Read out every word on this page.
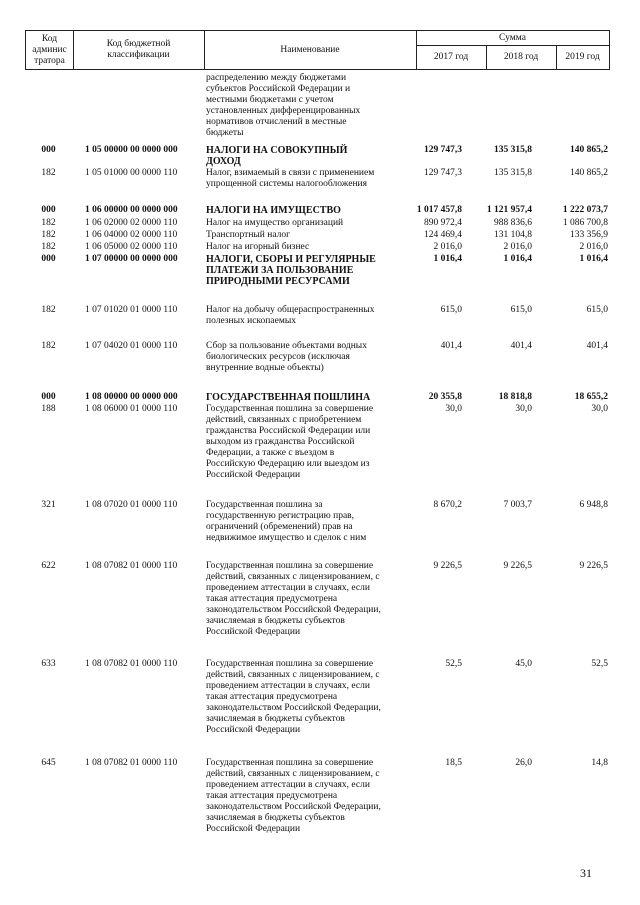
Код
админис
тратора
Код бюджетной
классификации
Наименование
Сумма
2017 год	2018 год	2019 год
распределению между бюджетами субъектов Российской Федерации и местными бюджетами с учетом установленных дифференцированных нормативов отчислений в местные бюджеты
000	1 05 00000 00 0000 000	НАЛОГИ НА СОВОКУПНЫЙ ДОХОД
129 747,3	135 315,8	140 865,2
182	1 05 01000 00 0000 110	Налог, взимаемый в связи с применением упрощенной системы налогообложения
129 747,3	135 315,8	140 865,2
000	1 06 00000 00 0000 000	НАЛОГИ НА ИМУЩЕСТВО	1 017 457,8	1 121 957,4	1 222 073,7
182	1 06 02000 02 0000 110	Налог на имущество организаций	890 972,4	988 836,6	1 086 700,8
182	1 06 04000 02 0000 110	Транспортный налог	124 469,4	131 104,8	133 356,9
182	1 06 05000 02 0000 110	Налог на игорный бизнес	2 016,0	2 016,0	2 016,0
000	1 07 00000 00 0000 000	НАЛОГИ, СБОРЫ И РЕГУЛЯРНЫЕ ПЛАТЕЖИ ЗА ПОЛЬЗОВАНИЕ ПРИРОДНЫМИ РЕСУРСАМИ
1 016,4	1 016,4	1 016,4
182	1 07 01020 01 0000 110	Налог на добычу общераспространенных полезных ископаемых
615,0	615,0	615,0
182	1 07 04020 01 0000 110	Сбор за пользование объектами водных биологических ресурсов (исключая внутренние водные объекты)
401,4	401,4	401,4
000	1 08 00000 00 0000 000	ГОСУДАРСТВЕННАЯ ПОШЛИНА	20 355,8	18 818,8	18 655,2
188	1 08 06000 01 0000 110	Государственная пошлина за совершение действий, связанных с приобретением гражданства Российской Федерации или выходом из гражданства Российской Федерации, а также с въездом в Российскую Федерацию или выездом из Российской Федерации
30,0	30,0	30,0
321	1 08 07020 01 0000 110	Государственная пошлина за государственную регистрацию прав, ограничений (обременений) прав на недвижимое имущество и сделок с ним
8 670,2	7 003,7	6 948,8
622	1 08 07082 01 0000 110	Государственная пошлина за совершение действий, связанных с лицензированием, с проведением аттестации в случаях, если такая аттестация предусмотрена законодательством Российской Федерации, зачисляемая в бюджеты субъектов Российской Федерации
9 226,5	9 226,5	9 226,5
633	1 08 07082 01 0000 110	Государственная пошлина за совершение действий, связанных с лицензированием, с проведением аттестации в случаях, если такая аттестация предусмотрена законодательством Российской Федерации, зачисляемая в бюджеты субъектов Российской Федерации
52,5	45,0	52,5
645	1 08 07082 01 0000 110	Государственная пошлина за совершение действий, связанных с лицензированием, с проведением аттестации в случаях, если такая аттестация предусмотрена законодательством Российской Федерации, зачисляемая в бюджеты субъектов Российской Федерации
18,5	26,0	14,8
31
